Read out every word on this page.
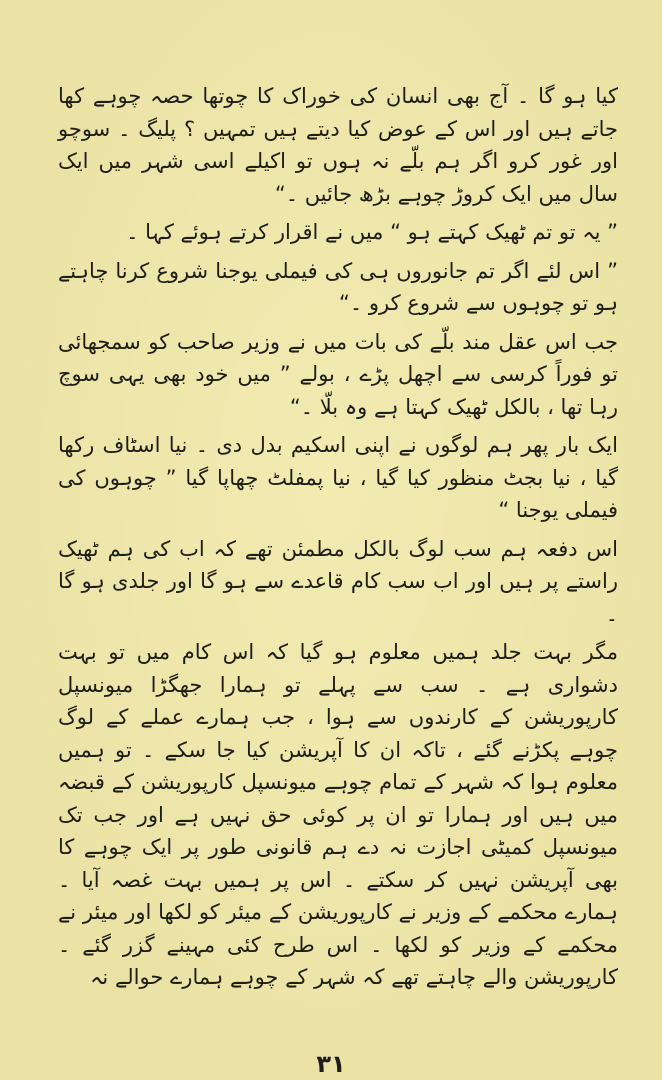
کیا ہو گا ۔ آج بھی انسان کی خوراک کا چوتھا حصہ چوہے کھا جاتے ہیں اور اس کے عوض کیا دیتے ہیں تمہیں ؟ پلیگ ۔ سوچو اور غور کرو اگر ہم بلّے نہ ہوں تو اکیلے اسی شہر میں ایک سال میں ایک کروڑ چوہے بڑھ جائیں ۔“

” یہ تو تم ٹھیک کہتے ہو “ میں نے اقرار کرتے ہوئے کہا ۔

” اس لئے اگر تم جانوروں ہی کی فیملی یوجنا شروع کرنا چاہتے ہو تو چوہوں سے شروع کرو ۔“

جب اس عقل مند بلّے کی بات میں نے وزیر صاحب کو سمجھائی تو فوراً کرسی سے اچھل پڑے ، بولے ” میں خود بھی یہی سوچ رہا تھا ، بالکل ٹھیک کہتا ہے وہ بلّا ۔“

ایک بار پھر ہم لوگوں نے اپنی اسکیم بدل دی ۔ نیا اسٹاف رکھا گیا ، نیا بجٹ منظور کیا گیا ، نیا پمفلٹ چھاپا گیا ” چوہوں کی فیملی یوجنا “

اس دفعہ ہم سب لوگ بالکل مطمئن تھے کہ اب کی ہم ٹھیک راستے پر ہیں اور اب سب کام قاعدے سے ہو گا اور جلدی ہو گا ۔

مگر بہت جلد ہمیں معلوم ہو گیا کہ اس کام میں تو بہت دشواری ہے ۔ سب سے پہلے تو ہمارا جھگڑا میونسپل کارپوریشن کے کارندوں سے ہوا ، جب ہمارے عملے کے لوگ چوہے پکڑنے گئے ، تاکہ ان کا آپریشن کیا جا سکے ۔ تو ہمیں معلوم ہوا کہ شہر کے تمام چوہے میونسپل کارپوریشن کے قبضہ میں ہیں اور ہمارا تو ان پر کوئی حق نہیں ہے اور جب تک میونسپل کمیٹی اجازت نہ دے ہم قانونی طور پر ایک چوہے کا بھی آپریشن نہیں کر سکتے ۔ اس پر ہمیں بہت غصہ آیا ۔ ہمارے محکمے کے وزیر نے کارپوریشن کے میئر کو لکھا اور میئر نے محکمے کے وزیر کو لکھا ۔ اس طرح کئی مہینے گزر گئے ۔ کارپوریشن والے چاہتے تھے کہ شہر کے چوہے ہمارے حوالے نہ

۳۱
